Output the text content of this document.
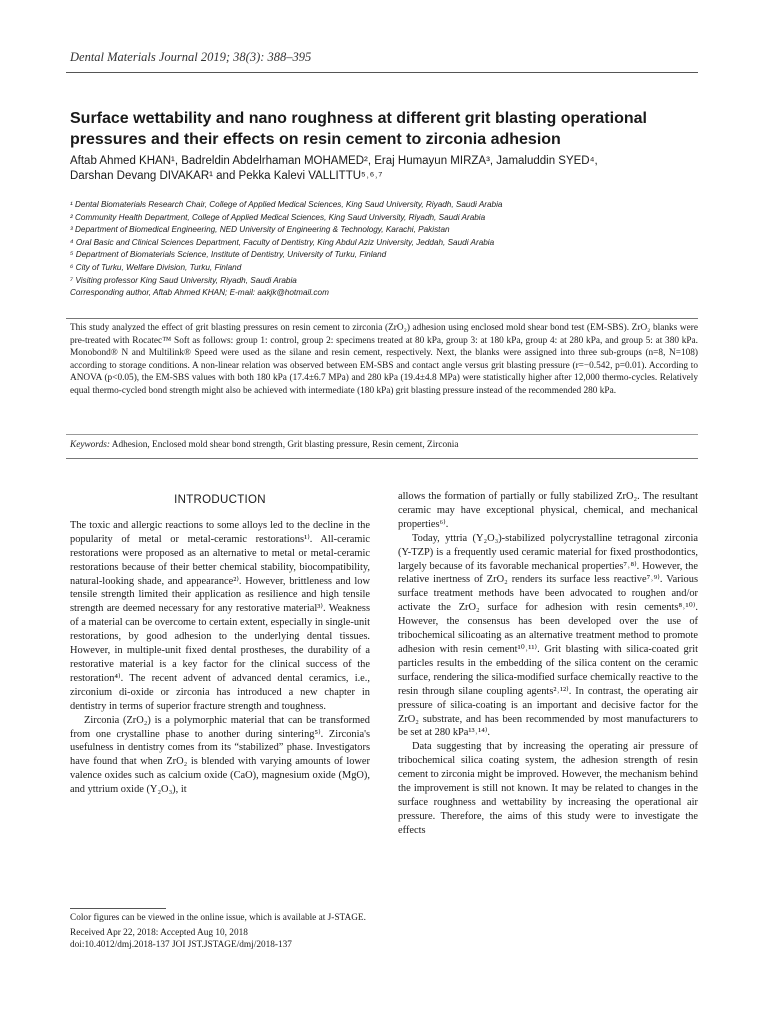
Dental Materials Journal 2019; 38(3): 388–395
Surface wettability and nano roughness at different grit blasting operational pressures and their effects on resin cement to zirconia adhesion
Aftab Ahmed KHAN¹, Badreldin Abdelrhaman MOHAMED², Eraj Humayun MIRZA³, Jamaluddin SYED⁴,
Darshan Devang DIVAKAR¹ and Pekka Kalevi VALLITTU⁵˒⁶˒⁷
¹ Dental Biomaterials Research Chair, College of Applied Medical Sciences, King Saud University, Riyadh, Saudi Arabia
² Community Health Department, College of Applied Medical Sciences, King Saud University, Riyadh, Saudi Arabia
³ Department of Biomedical Engineering, NED University of Engineering & Technology, Karachi, Pakistan
⁴ Oral Basic and Clinical Sciences Department, Faculty of Dentistry, King Abdul Aziz University, Jeddah, Saudi Arabia
⁵ Department of Biomaterials Science, Institute of Dentistry, University of Turku, Finland
⁶ City of Turku, Welfare Division, Turku, Finland
⁷ Visiting professor King Saud University, Riyadh, Saudi Arabia
Corresponding author, Aftab Ahmed KHAN; E-mail: aakjk@hotmail.com
This study analyzed the effect of grit blasting pressures on resin cement to zirconia (ZrO₂) adhesion using enclosed mold shear bond test (EM-SBS). ZrO₂ blanks were pre-treated with Rocatec™ Soft as follows: group 1: control, group 2: specimens treated at 80 kPa, group 3: at 180 kPa, group 4: at 280 kPa, and group 5: at 380 kPa. Monobond® N and Multilink® Speed were used as the silane and resin cement, respectively. Next, the blanks were assigned into three sub-groups (n=8, N=108) according to storage conditions. A non-linear relation was observed between EM-SBS and contact angle versus grit blasting pressure (r=−0.542, p=0.01). According to ANOVA (p<0.05), the EM-SBS values with both 180 kPa (17.4±6.7 MPa) and 280 kPa (19.4±4.8 MPa) were statistically higher after 12,000 thermo-cycles. Relatively equal thermo-cycled bond strength might also be achieved with intermediate (180 kPa) grit blasting pressure instead of the recommended 280 kPa.
Keywords: Adhesion, Enclosed mold shear bond strength, Grit blasting pressure, Resin cement, Zirconia
INTRODUCTION

The toxic and allergic reactions to some alloys led to the decline in the popularity of metal or metal-ceramic restorations¹⁾. All-ceramic restorations were proposed as an alternative to metal or metal-ceramic restorations because of their better chemical stability, biocompatibility, natural-looking shade, and appearance²⁾. However, brittleness and low tensile strength limited their application as resilience and high tensile strength are deemed necessary for any restorative material³⁾. Weakness of a material can be overcome to certain extent, especially in single-unit restorations, by good adhesion to the underlying dental tissues. However, in multiple-unit fixed dental prostheses, the durability of a restorative material is a key factor for the clinical success of the restoration⁴⁾. The recent advent of advanced dental ceramics, i.e., zirconium di-oxide or zirconia has introduced a new chapter in dentistry in terms of superior fracture strength and toughness.

Zirconia (ZrO₂) is a polymorphic material that can be transformed from one crystalline phase to another during sintering⁵⁾. Zirconia's usefulness in dentistry comes from its “stabilized” phase. Investigators have found that when ZrO₂ is blended with varying amounts of lower valence oxides such as calcium oxide (CaO), magnesium oxide (MgO), and yttrium oxide (Y₂O₃), it

allows the formation of partially or fully stabilized ZrO₂. The resultant ceramic may have exceptional physical, chemical, and mechanical properties⁶⁾.

Today, yttria (Y₂O₃)-stabilized polycrystalline tetragonal zirconia (Y-TZP) is a frequently used ceramic material for fixed prosthodontics, largely because of its favorable mechanical properties⁷˒⁸⁾. However, the relative inertness of ZrO₂ renders its surface less reactive⁷˒⁹⁾. Various surface treatment methods have been advocated to roughen and/or activate the ZrO₂ surface for adhesion with resin cements⁸˒¹⁰⁾. However, the consensus has been developed over the use of tribochemical silicoating as an alternative treatment method to promote adhesion with resin cement¹⁰˒¹¹⁾. Grit blasting with silica-coated grit particles results in the embedding of the silica content on the ceramic surface, rendering the silica-modified surface chemically reactive to the resin through silane coupling agents²˒¹²⁾. In contrast, the operating air pressure of silica-coating is an important and decisive factor for the ZrO₂ substrate, and has been recommended by most manufacturers to be set at 280 kPa¹³˒¹⁴⁾.

Data suggesting that by increasing the operating air pressure of tribochemical silica coating system, the adhesion strength of resin cement to zirconia might be improved. However, the mechanism behind the improvement is still not known. It may be related to changes in the surface roughness and wettability by increasing the operational air pressure. Therefore, the aims of this study were to investigate the effects

Color figures can be viewed in the online issue, which is available at J-STAGE.
Received Apr 22, 2018: Accepted Aug 10, 2018
doi:10.4012/dmj.2018-137 JOI JST.JSTAGE/dmj/2018-137
